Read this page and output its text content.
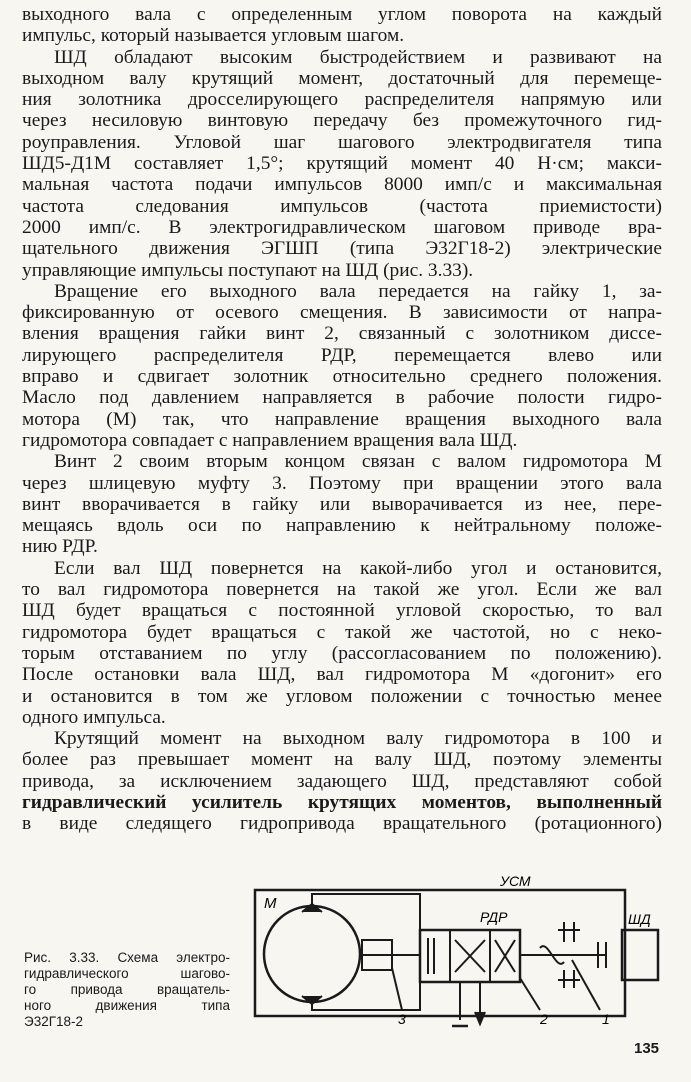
выходного вала с определенным углом поворота на каждый
импульс, который называется угловым шагом.
ШД обладают высоким быстродействием и развивают на
выходном валу крутящий момент, достаточный для перемеще-
ния золотника дросселирующего распределителя напрямую или
через несиловую винтовую передачу без промежуточного гид-
роуправления. Угловой шаг шагового электродвигателя типа
ШД5-Д1М составляет 1,5°; крутящий момент 40 Н·см; макси-
мальная частота подачи импульсов 8000 имп/с и максимальная
частота следования импульсов (частота приемистости)
2000 имп/с. В электрогидравлическом шаговом приводе вра-
щательного движения ЭГШП (типа Э32Г18-2) электрические
управляющие импульсы поступают на ШД (рис. 3.33).
Вращение его выходного вала передается на гайку 1, за-
фиксированную от осевого смещения. В зависимости от напра-
вления вращения гайки винт 2, связанный с золотником диссе-
лирующего распределителя РДР, перемещается влево или
вправо и сдвигает золотник относительно среднего положения.
Масло под давлением направляется в рабочие полости гидро-
мотора (М) так, что направление вращения выходного вала
гидромотора совпадает с направлением вращения вала ШД.
Винт 2 своим вторым концом связан с валом гидромотора М
через шлицевую муфту 3. Поэтому при вращении этого вала
винт вворачивается в гайку или выворачивается из нее, пере-
мещаясь вдоль оси по направлению к нейтральному положе-
нию РДР.
Если вал ШД повернется на какой-либо угол и остановится,
то вал гидромотора повернется на такой же угол. Если же вал
ШД будет вращаться с постоянной угловой скоростью, то вал
гидромотора будет вращаться с такой же частотой, но с неко-
торым отставанием по углу (рассогласованием по положению).
После остановки вала ШД, вал гидромотора М «догонит» его
и остановится в том же угловом положении с точностью менее
одного импульса.
Крутящий момент на выходном валу гидромотора в 100 и
более раз превышает момент на валу ШД, поэтому элементы
привода, за исключением задающего ШД, представляют собой
гидравлический усилитель крутящих моментов, выполненный
в виде следящего гидропривода вращательного (ротационного)
УСМ
М
РДР	ШД
1
2
3
Рис. 3.33. Схема электро-
гидравлического шагово-
го привода вращатель-
ного движения типа
Э32Г18-2
135
